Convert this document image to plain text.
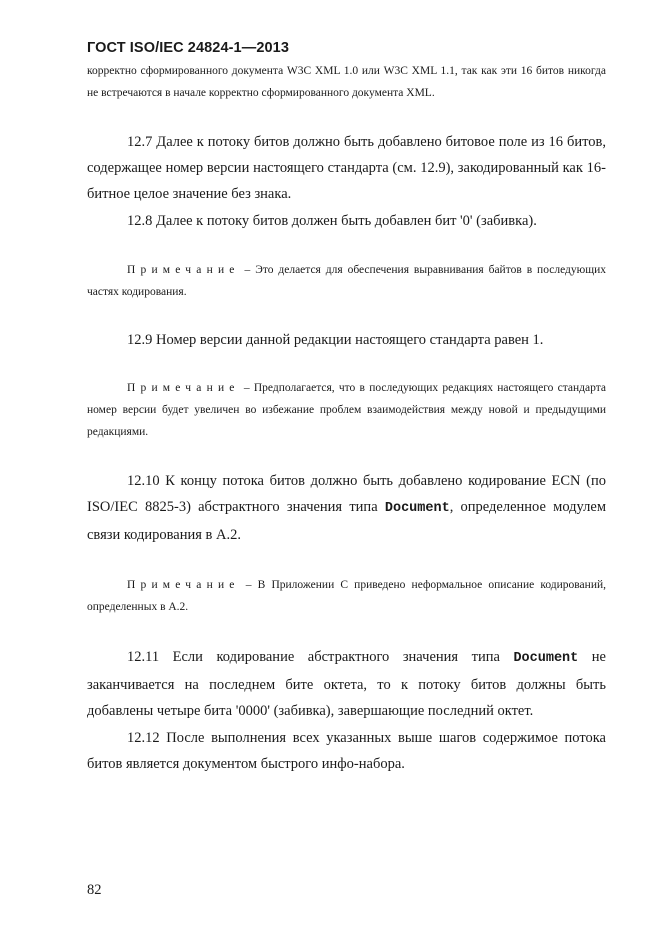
ГОСТ ISO/IEC 24824-1—2013

корректно сформированного документа W3C XML 1.0 или W3C XML 1.1, так как эти 16 битов никогда не встречаются в начале корректно сформированного документа XML.

12.7 Далее к потоку битов должно быть добавлено битовое поле из 16 битов, содержащее номер версии настоящего стандарта (см. 12.9), закодированный как 16-битное целое значение без знака.

12.8 Далее к потоку битов должен быть добавлен бит '0' (забивка).

Примечание – Это делается для обеспечения выравнивания байтов в последующих частях кодирования.

12.9 Номер версии данной редакции настоящего стандарта равен 1.

Примечание – Предполагается, что в последующих редакциях настоящего стандарта номер версии будет увеличен во избежание проблем взаимодействия между новой и предыдущими редакциями.

12.10 К концу потока битов должно быть добавлено кодирование ECN (по ISO/IEC 8825-3) абстрактного значения типа Document, определенное модулем связи кодирования в A.2.

Примечание – В Приложении C приведено неформальное описание кодирований, определенных в A.2.

12.11 Если кодирование абстрактного значения типа Document не заканчивается на последнем бите октета, то к потоку битов должны быть добавлены четыре бита '0000' (забивка), завершающие последний октет.

12.12 После выполнения всех указанных выше шагов содержимое потока битов является документом быстрого инфо-набора.

82
